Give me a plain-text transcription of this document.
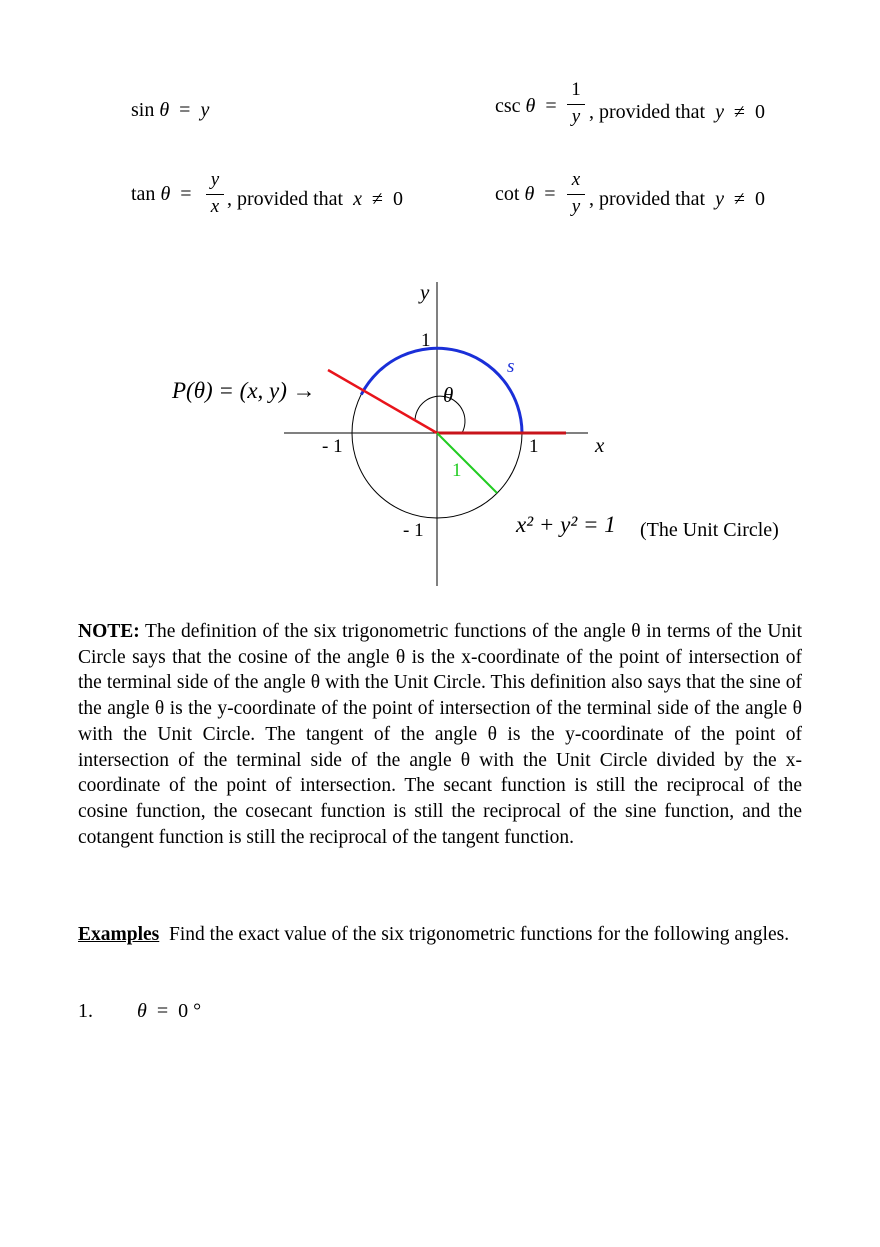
sin θ = y	csc θ =
1
y , provided that y ≠ 0
tan θ =
y
x , provided that x ≠ 0	cot θ =
x
y , provided that y ≠ 0
y
x
1
1
- 1
- 1
s
θ
1
P(θ) = (x, y) →
x² + y² = 1 (The Unit Circle)
NOTE: The definition of the six trigonometric functions of the angle θ in terms of the Unit Circle says that the cosine of the angle θ is the x-coordinate of the point of intersection of the terminal side of the angle θ with the Unit Circle. This definition also says that the sine of the angle θ is the y-coordinate of the point of intersection of the terminal side of the angle θ with the Unit Circle. The tangent of the angle θ is the y-coordinate of the point of intersection of the terminal side of the angle θ with the Unit Circle divided by the x-coordinate of the point of intersection. The secant function is still the reciprocal of the cosine function, the cosecant function is still the reciprocal of the sine function, and the cotangent function is still the reciprocal of the tangent function.
Examples Find the exact value of the six trigonometric functions for the following angles.
1. θ = 0 °
